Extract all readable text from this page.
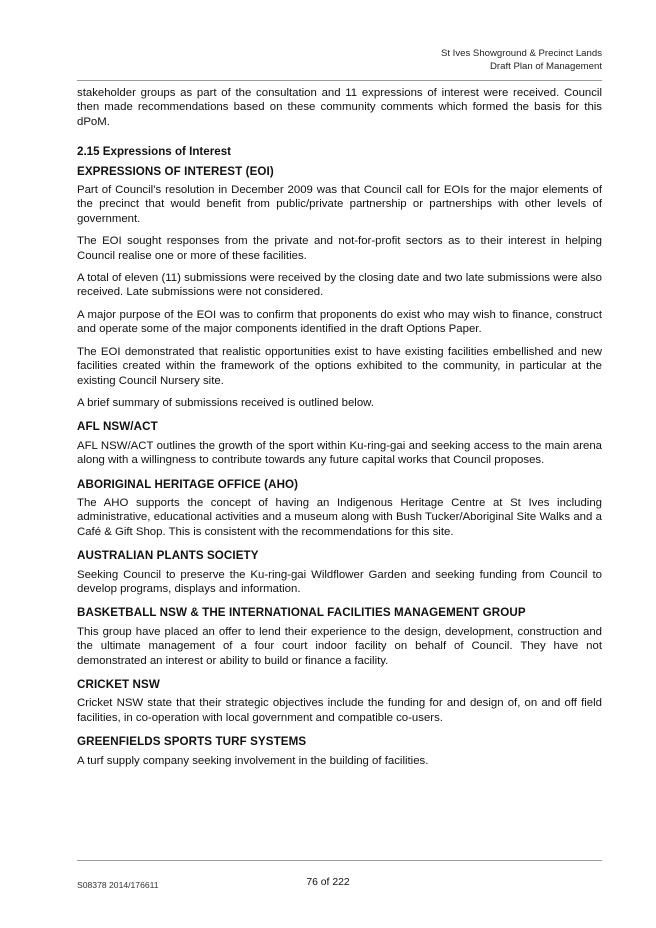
St Ives Showground & Precinct Lands
Draft Plan of Management

stakeholder groups as part of the consultation and 11 expressions of interest were received. Council then made recommendations based on these community comments which formed the basis for this dPoM.

2.15 Expressions of Interest
EXPRESSIONS OF INTEREST (EOI)

Part of Council’s resolution in December 2009 was that Council call for EOIs for the major elements of the precinct that would benefit from public/private partnership or partnerships with other levels of government.

The EOI sought responses from the private and not-for-profit sectors as to their interest in helping Council realise one or more of these facilities.

A total of eleven (11) submissions were received by the closing date and two late submissions were also received. Late submissions were not considered.

A major purpose of the EOI was to confirm that proponents do exist who may wish to finance, construct and operate some of the major components identified in the draft Options Paper.

The EOI demonstrated that realistic opportunities exist to have existing facilities embellished and new facilities created within the framework of the options exhibited to the community, in particular at the existing Council Nursery site.

A brief summary of submissions received is outlined below.

AFL NSW/ACT

AFL NSW/ACT outlines the growth of the sport within Ku-ring-gai and seeking access to the main arena along with a willingness to contribute towards any future capital works that Council proposes.

ABORIGINAL HERITAGE OFFICE (AHO)

The AHO supports the concept of having an Indigenous Heritage Centre at St Ives including administrative, educational activities and a museum along with Bush Tucker/Aboriginal Site Walks and a Café & Gift Shop. This is consistent with the recommendations for this site.

AUSTRALIAN PLANTS SOCIETY

Seeking Council to preserve the Ku-ring-gai Wildflower Garden and seeking funding from Council to develop programs, displays and information.

BASKETBALL NSW & THE INTERNATIONAL FACILITIES MANAGEMENT GROUP

This group have placed an offer to lend their experience to the design, development, construction and the ultimate management of a four court indoor facility on behalf of Council. They have not demonstrated an interest or ability to build or finance a facility.

CRICKET NSW

Cricket NSW state that their strategic objectives include the funding for and design of, on and off field facilities, in co-operation with local government and compatible co-users.

GREENFIELDS SPORTS TURF SYSTEMS

A turf supply company seeking involvement in the building of facilities.

S08378 2014/176611	76 of 222
